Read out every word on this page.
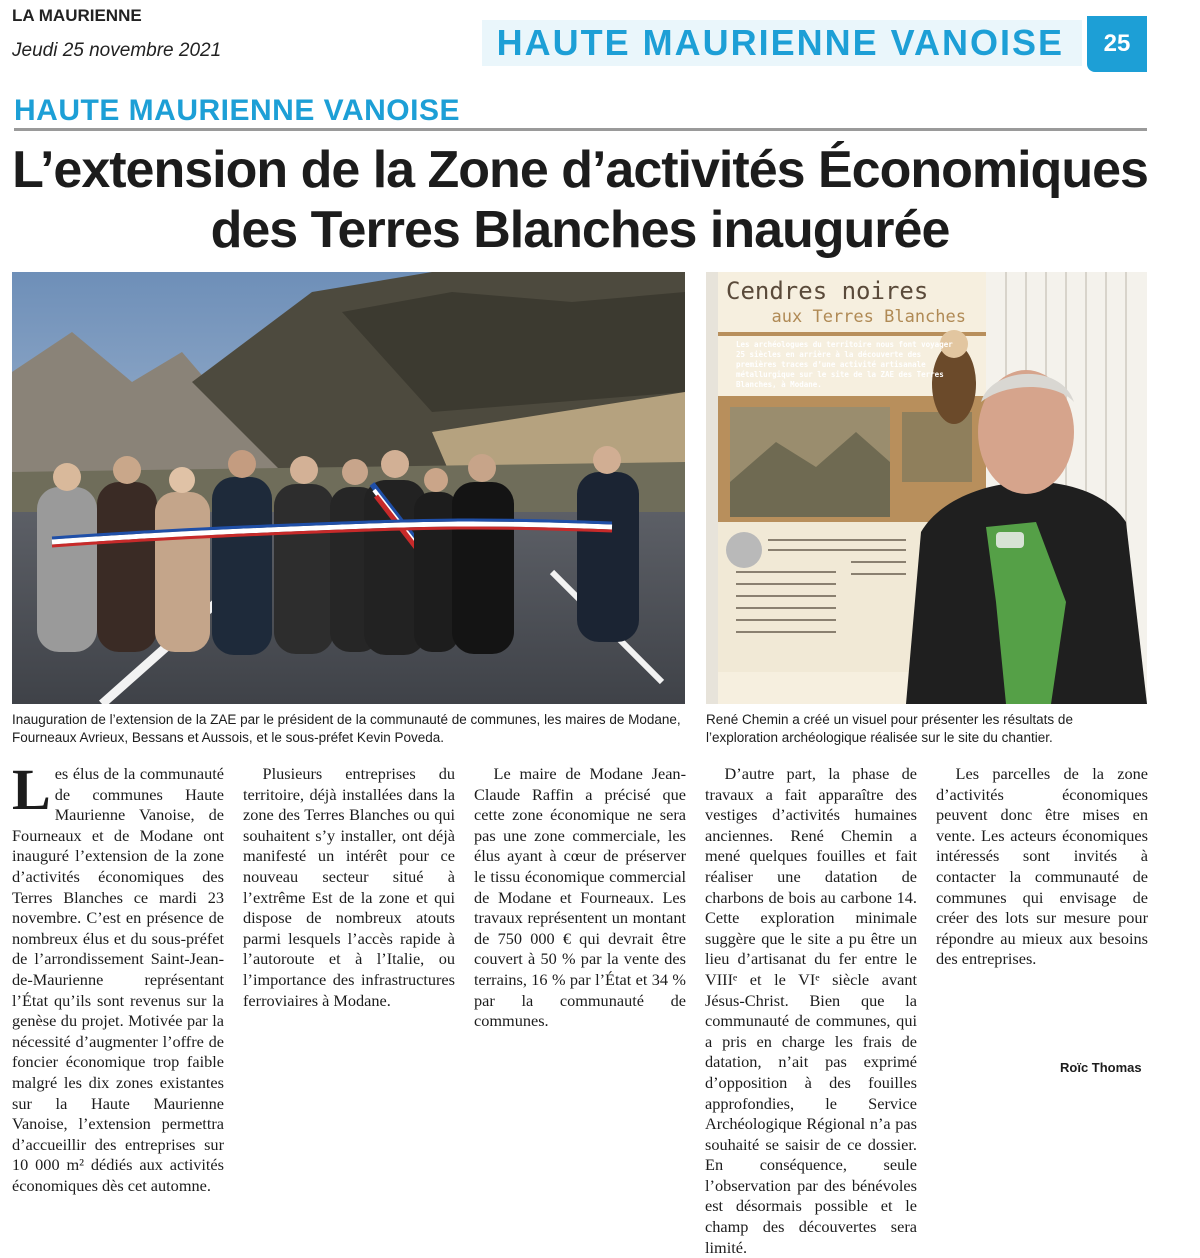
LA MAURIENNE
Jeudi 25 novembre 2021	HAUTE MAURIENNE VANOISE	25
HAUTE MAURIENNE VANOISE
L’extension de la Zone d’activités Économiques
des Terres Blanches inaugurée
Cendres noires
aux Terres Blanches
Les archéologues du territoire nous font voyager 25 siècles en arrière à la découverte des premières traces d’une activité artisanale métallurgique sur le site de la ZAE des Terres Blanches, à Modane.
Inauguration de l’extension de la ZAE par le président de la communauté de communes, les maires de Modane, Fourneaux Avrieux, Bessans et Aussois, et le sous-préfet Kevin Poveda.
René Chemin a créé un visuel pour présenter les résultats de l’exploration archéologique réalisée sur le site du chantier.

Les élus de la communauté de communes Haute Maurienne Vanoise, de Fourneaux et de Modane ont inauguré l’extension de la zone d’activités économiques des Terres Blanches ce mardi 23 novembre. C’est en présence de nombreux élus et du sous-préfet de l’arrondissement Saint-Jean-de-Maurienne représentant l’État qu’ils sont revenus sur la genèse du projet. Motivée par la nécessité d’augmenter l’offre de foncier économique trop faible malgré les dix zones existantes sur la Haute Maurienne Vanoise, l’extension permettra d’accueillir des entreprises sur 10 000 m² dédiés aux activités économiques dès cet automne.

Plusieurs entreprises du territoire, déjà installées dans la zone des Terres Blanches ou qui souhaitent s’y installer, ont déjà manifesté un intérêt pour ce nouveau secteur situé à l’extrême Est de la zone et qui dispose de nombreux atouts parmi lesquels l’accès rapide à l’autoroute et à l’Italie, ou l’importance des infrastructures ferroviaires à Modane.

Le maire de Modane Jean-Claude Raffin a précisé que cette zone économique ne sera pas une zone commerciale, les élus ayant à cœur de préserver le tissu économique commercial de Modane et Fourneaux. Les travaux représentent un montant de 750 000 € qui devrait être couvert à 50 % par la vente des terrains, 16 % par l’État et 34 % par la communauté de communes.

D’autre part, la phase de travaux a fait apparaître des vestiges d’activités humaines anciennes. René Chemin a mené quelques fouilles et fait réaliser une datation de charbons de bois au carbone 14. Cette exploration minimale suggère que le site a pu être un lieu d’artisanat du fer entre le VIIIᵉ et le VIᵉ siècle avant Jésus-Christ. Bien que la communauté de communes, qui a pris en charge les frais de datation, n’ait pas exprimé d’opposition à des fouilles approfondies, le Service Archéologique Régional n’a pas souhaité se saisir de ce dossier. En conséquence, seule l’observation par des bénévoles est désormais possible et le champ des découvertes sera limité.

Les parcelles de la zone d’activités économiques peuvent donc être mises en vente. Les acteurs économiques intéressés sont invités à contacter la communauté de communes qui envisage de créer des lots sur mesure pour répondre au mieux aux besoins des entreprises.

Roïc Thomas
